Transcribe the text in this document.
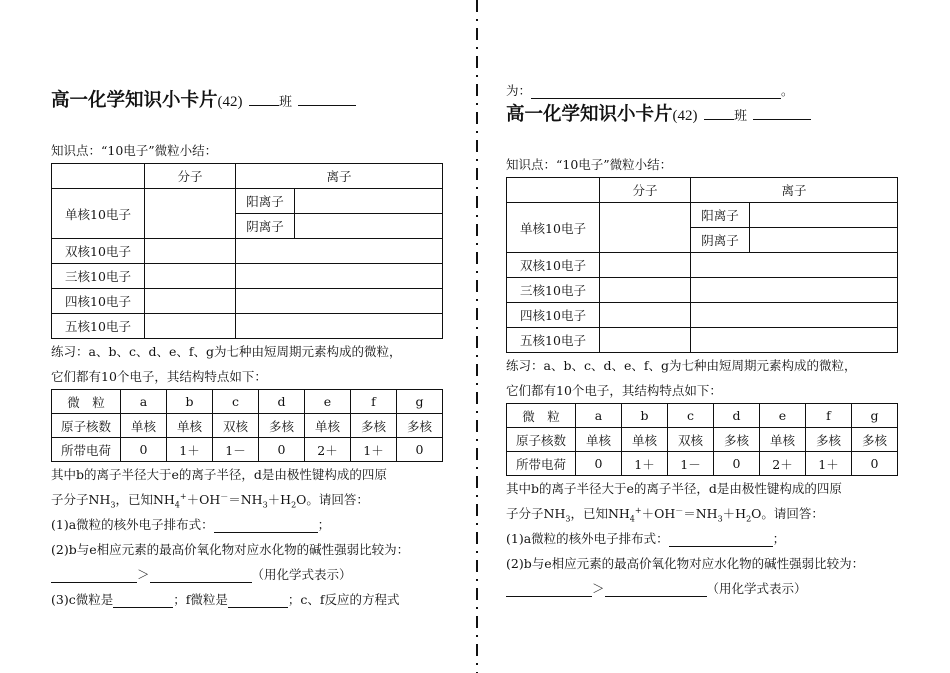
高一化学知识小卡片(42)	班
知识点：“10电子”微粒小结：
	分子	离子	
单核10电子		阳离子	
		阴离子	
双核10电子			
三核10电子			
四核10电子			
五核10电子			
练习：a、b、c、d、e、f、g为七种由短周期元素构成的微粒，
它们都有10个电子，其结构特点如下：
微　粒	a	b	c	d	e	f	g
原子核数	单核	单核	双核	多核	单核	多核	多核
所带电荷	0	1＋	1－	0	2＋	1＋	0
其中b的离子半径大于e的离子半径，d是由极性键构成的四原
子分子$NH_3$，已知$NH_4^++OH^-=NH_3+H_2O$。请回答：
(1)a微粒的核外电子排布式：	；
(2)b与e相应元素的最高价氧化物对应水化物的碱性强弱比较为：
＞	（用化学式表示）
(3)c微粒是	；f微粒是	；c、f反应的方程式
为：	。
高一化学知识小卡片(42)	班
知识点：“10电子”微粒小结：
	分子	离子	
单核10电子		阳离子	
		阴离子	
双核10电子			
三核10电子			
四核10电子			
五核10电子			
练习：a、b、c、d、e、f、g为七种由短周期元素构成的微粒，
它们都有10个电子，其结构特点如下：
微　粒	a	b	c	d	e	f	g
原子核数	单核	单核	双核	多核	单核	多核	多核
所带电荷	0	1＋	1－	0	2＋	1＋	0
其中b的离子半径大于e的离子半径，d是由极性键构成的四原
子分子$NH_3$，已知$NH_4^++OH^-=NH_3+H_2O$。请回答：
(1)a微粒的核外电子排布式：	；
(2)b与e相应元素的最高价氧化物对应水化物的碱性强弱比较为：
＞	（用化学式表示）
